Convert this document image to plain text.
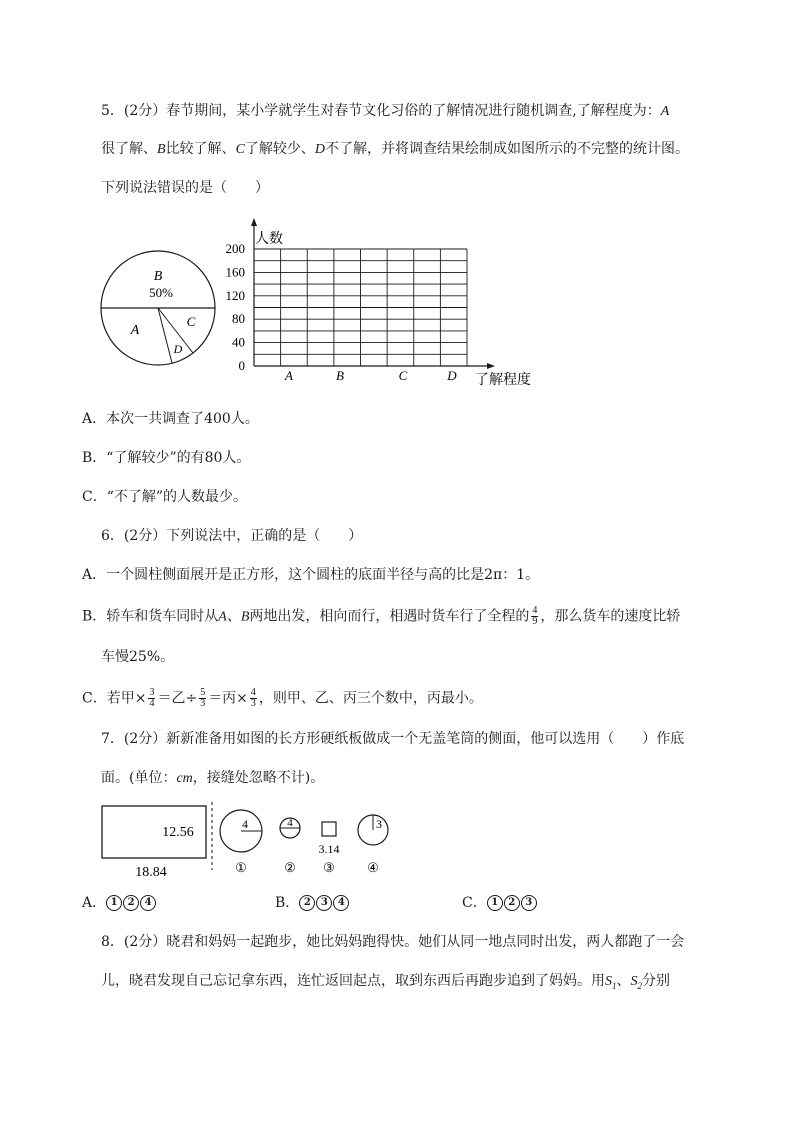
5．(2分）春节期间，某小学就学生对春节文化习俗的了解情况进行随机调查,了解程度为：A
很了解、B比较了解、C了解较少、D不了解，并将调查结果绘制成如图所示的不完整的统计图。
下列说法错误的是（　　）
B
50%
A
C
D
人数
了解程度
200
160
120
80
40
0
A	B	C	D
A．本次一共调查了400人。
B．“了解较少”的有80人。
C．“不了解”的人数最少。
6．(2分）下列说法中，正确的是（　　）
A．一个圆柱侧面展开是正方形，这个圆柱的底面半径与高的比是2π：1。
B．轿车和货车同时从A、B两地出发，相向而行，相遇时货车行了全程的 $\frac{4}{9}$ ，那么货车的速度比轿
车慢25%。
C．若甲× $\frac{3}{4}$ ＝乙÷ $\frac{5}{3}$ ＝丙× $\frac{4}{3}$ ，则甲、乙、丙三个数中，丙最小。
7．(2分）新新准备用如图的长方形硬纸板做成一个无盖笔筒的侧面，他可以选用（　　）作底
面。(单位：cm，接缝处忽略不计)。
12.56
18.84
4	4
3.14
3
①	② ③ ④
A． 1 2 4	B． 2 3 4	C． 1 2 3
8．(2分）晓君和妈妈一起跑步，她比妈妈跑得快。她们从同一地点同时出发，两人都跑了一会
儿，晓君发现自己忘记拿东西，连忙返回起点，取到东西后再跑步追到了妈妈。用$S_1$、$S_2$分别
